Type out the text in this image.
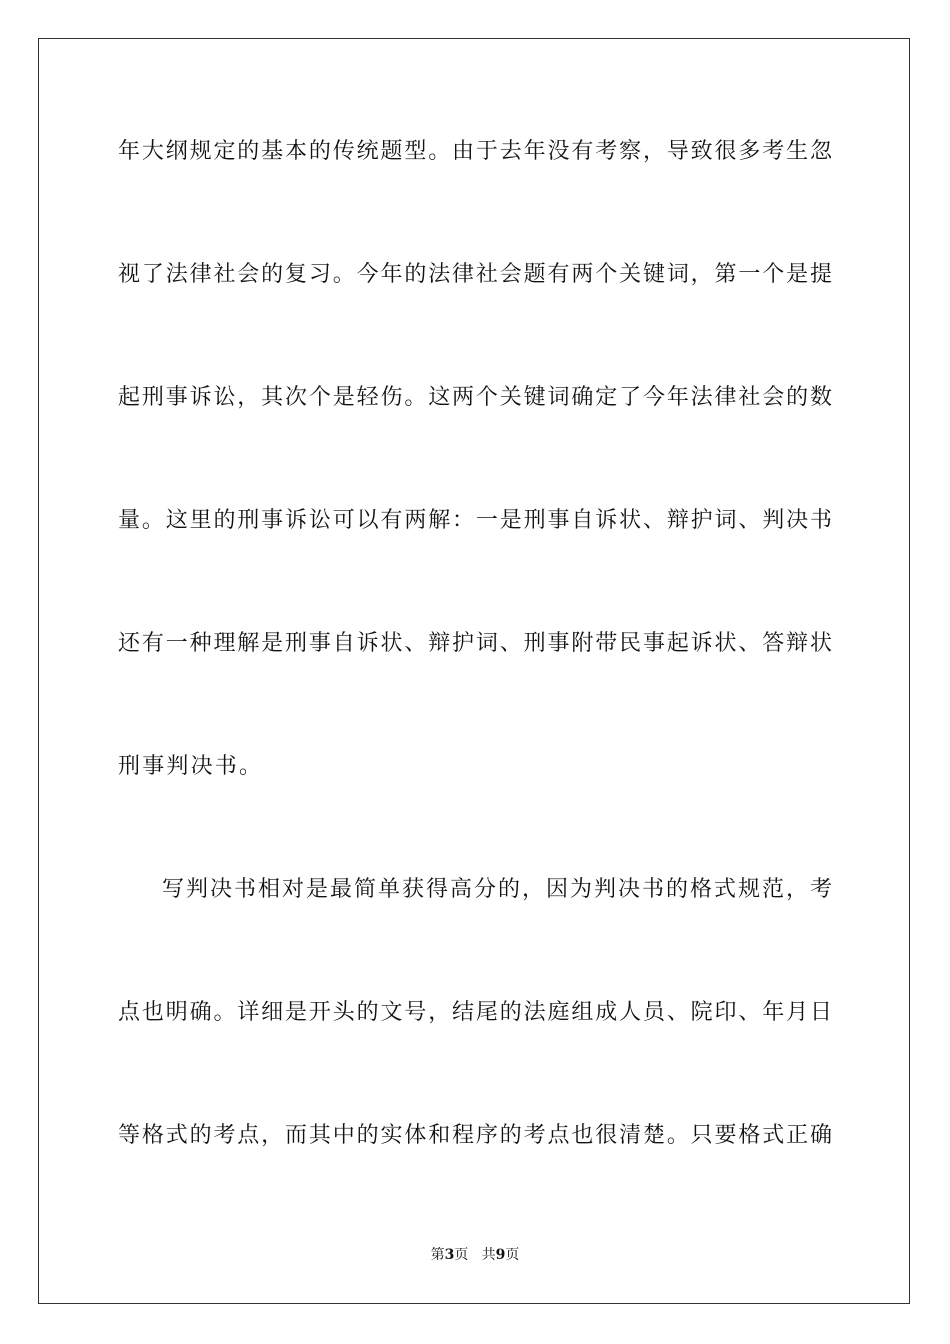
年大纲规定的基本的传统题型。由于去年没有考察，导致很多考生忽
视了法律社会的复习。今年的法律社会题有两个关键词，第一个是提
起刑事诉讼，其次个是轻伤。这两个关键词确定了今年法律社会的数
量。这里的刑事诉讼可以有两解：一是刑事自诉状、辩护词、判决书
还有一种理解是刑事自诉状、辩护词、刑事附带民事起诉状、答辩状
刑事判决书。
写判决书相对是最简单获得高分的，因为判决书的格式规范，考
点也明确。详细是开头的文号，结尾的法庭组成人员、院印、年月日
等格式的考点，而其中的实体和程序的考点也很清楚。只要格式正确
第3页 共9页
